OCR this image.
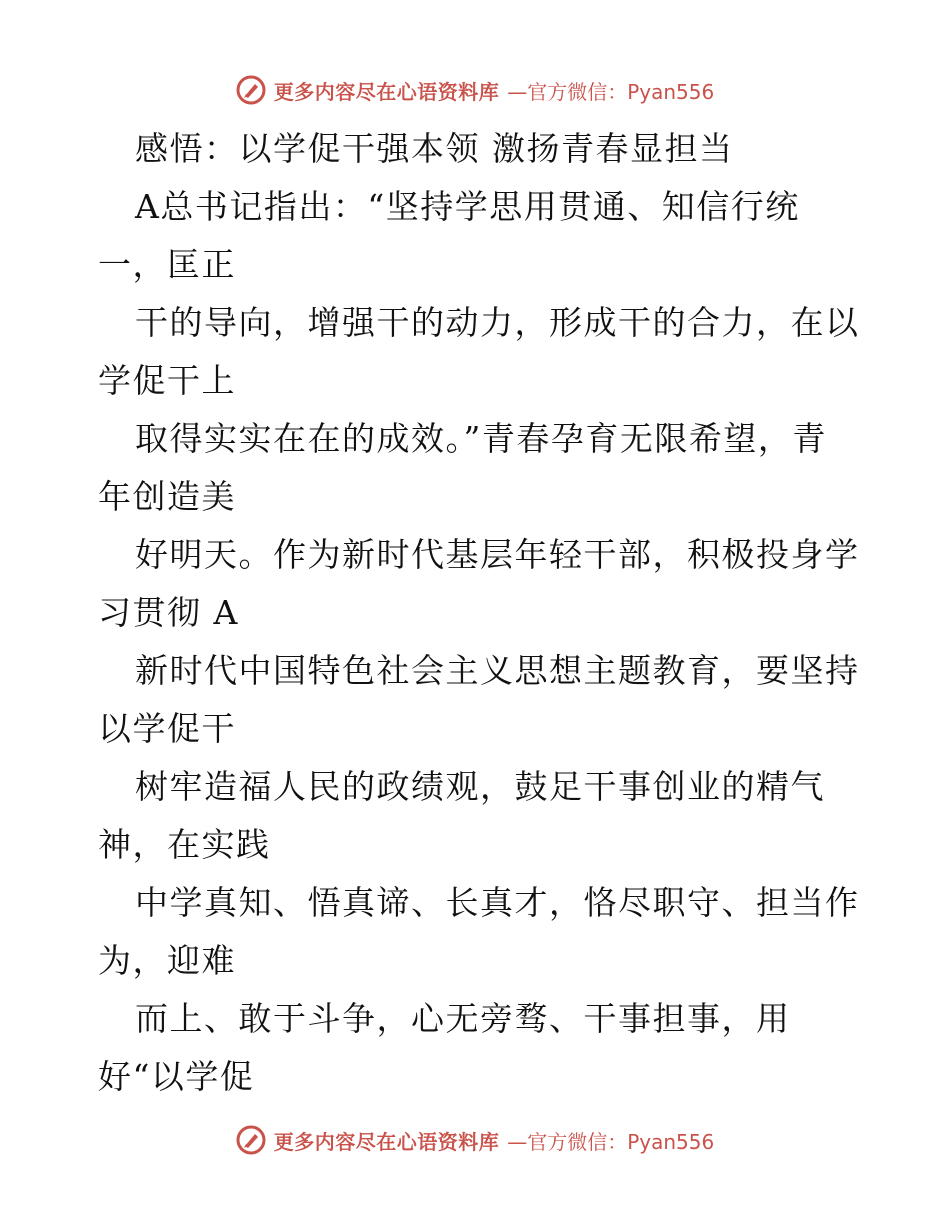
更多内容尽在心语资料库 —官方微信：Pyan556
感悟：以学促干强本领 激扬青春显担当
A总书记指出：“坚持学思用贯通、知信行统
一，匡正
干的导向，增强干的动力，形成干的合力，在以
学促干上
取得实实在在的成效。”青春孕育无限希望，青
年创造美
好明天。作为新时代基层年轻干部，积极投身学
习贯彻 A
新时代中国特色社会主义思想主题教育，要坚持
以学促干
树牢造福人民的政绩观，鼓足干事创业的精气
神，在实践
中学真知、悟真谛、长真才，恪尽职守、担当作
为，迎难
而上、敢于斗争，心无旁骛、干事担事，用
好“以学促
更多内容尽在心语资料库 —官方微信：Pyan556
